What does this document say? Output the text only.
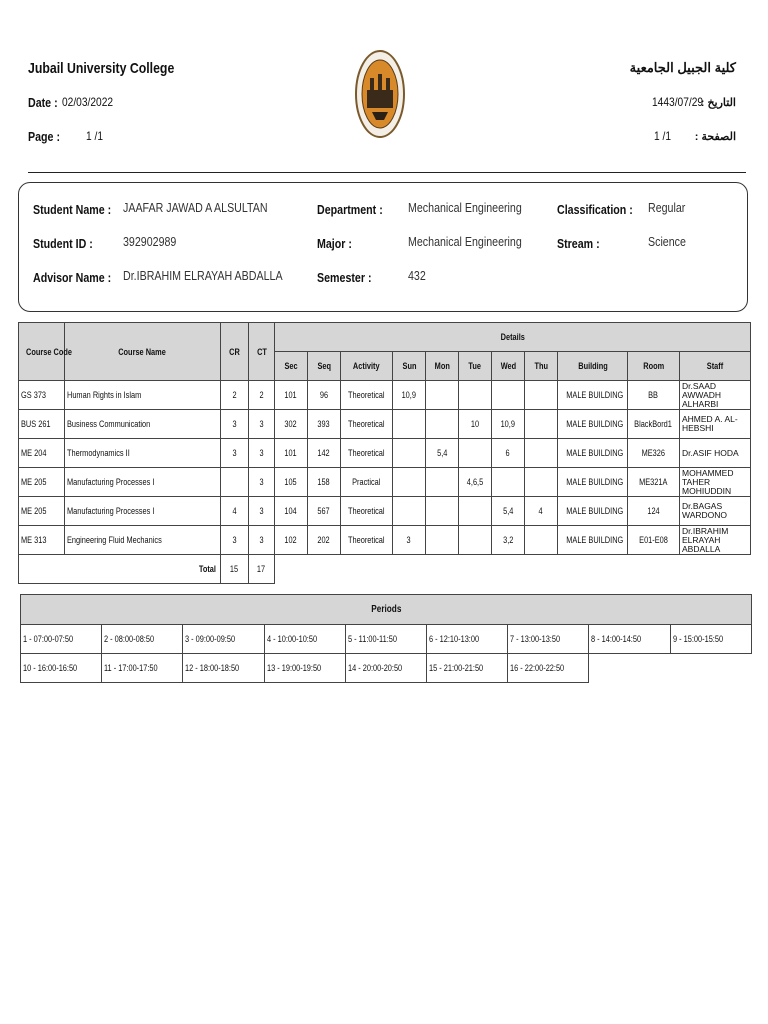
Jubail University College
Date : 02/03/2022
Page : 1 /1
كلية الجبيل الجامعية
1443/07/29
التاريخ :
1 /1 الصفحة :
Student Name : JAAFAR JAWAD A ALSULTAN
Student ID : 392902989
Advisor Name : Dr.IBRAHIM ELRAYAH ABDALLA
Department : Mechanical Engineering
Major :	Mechanical Engineering
Semester :	432
Classification : Regular
Stream :	Science
Course Code	Course Name	CR	CT	Details										
				Sec	Seq	Activity	Sun	Mon	Tue	Wed	Thu	Building	Room	Staff
GS 373	Human Rights in Islam	2	2	101	96	Theoretical	10,9					MALE BUILDING	BB	Dr.SAAD AWWADH ALHARBI
BUS 261	Business Communication	3	3	302	393	Theoretical			10	10,9		MALE BUILDING	BlackBord1	AHMED A. AL-HEBSHI
ME 204	Thermodynamics II	3	3	101	142	Theoretical		5,4		6		MALE BUILDING	ME326	Dr.ASIF HODA
ME 205	Manufacturing Processes I		3	105	158	Practical			4,6,5			MALE BUILDING	ME321A	MOHAMMED TAHER MOHIUDDIN
ME 205	Manufacturing Processes I	4	3	104	567	Theoretical				5,4	4	MALE BUILDING	124	Dr.BAGAS WARDONO
ME 313	Engineering Fluid Mechanics	3	3	102	202	Theoretical	3			3,2		MALE BUILDING	E01-E08	Dr.IBRAHIM ELRAYAH ABDALLA
Total		15	17											
Periods								
1 - 07:00-07:50	2 - 08:00-08:50	3 - 09:00-09:50	4 - 10:00-10:50	5 - 11:00-11:50	6 - 12:10-13:00	7 - 13:00-13:50	8 - 14:00-14:50	9 - 15:00-15:50
10 - 16:00-16:50	11 - 17:00-17:50	12 - 18:00-18:50	13 - 19:00-19:50	14 - 20:00-20:50	15 - 21:00-21:50	16 - 22:00-22:50		
